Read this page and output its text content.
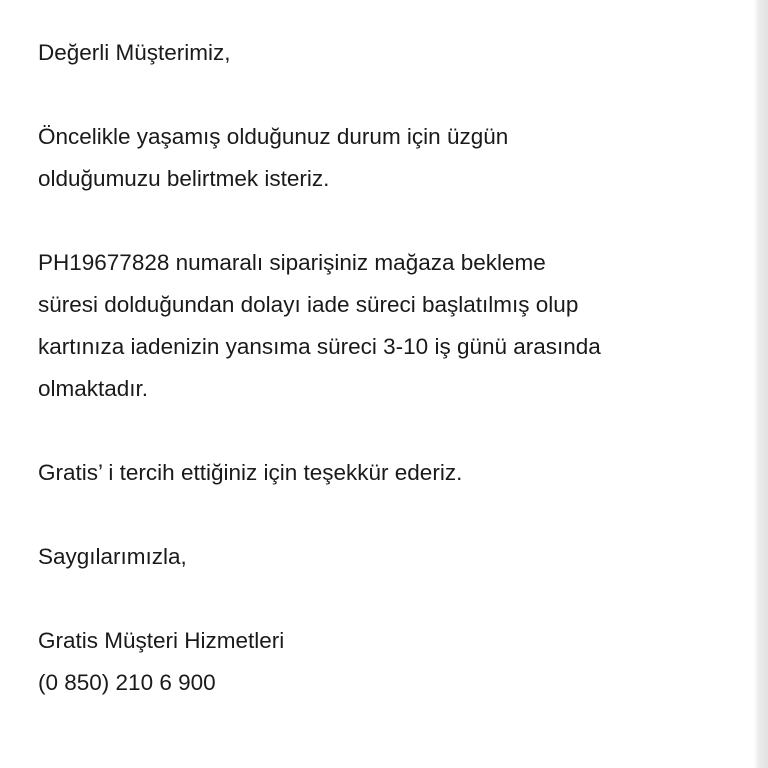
Değerli Müşterimiz,

Öncelikle yaşamış olduğunuz durum için üzgün
olduğumuzu belirtmek isteriz.

PH19677828 numaralı siparişiniz mağaza bekleme
süresi dolduğundan dolayı iade süreci başlatılmış olup
kartınıza iadenizin yansıma süreci 3-10 iş günü arasında
olmaktadır.

Gratis’ i tercih ettiğiniz için teşekkür ederiz.

Saygılarımızla,

Gratis Müşteri Hizmetleri
(0 850) 210 6 900
